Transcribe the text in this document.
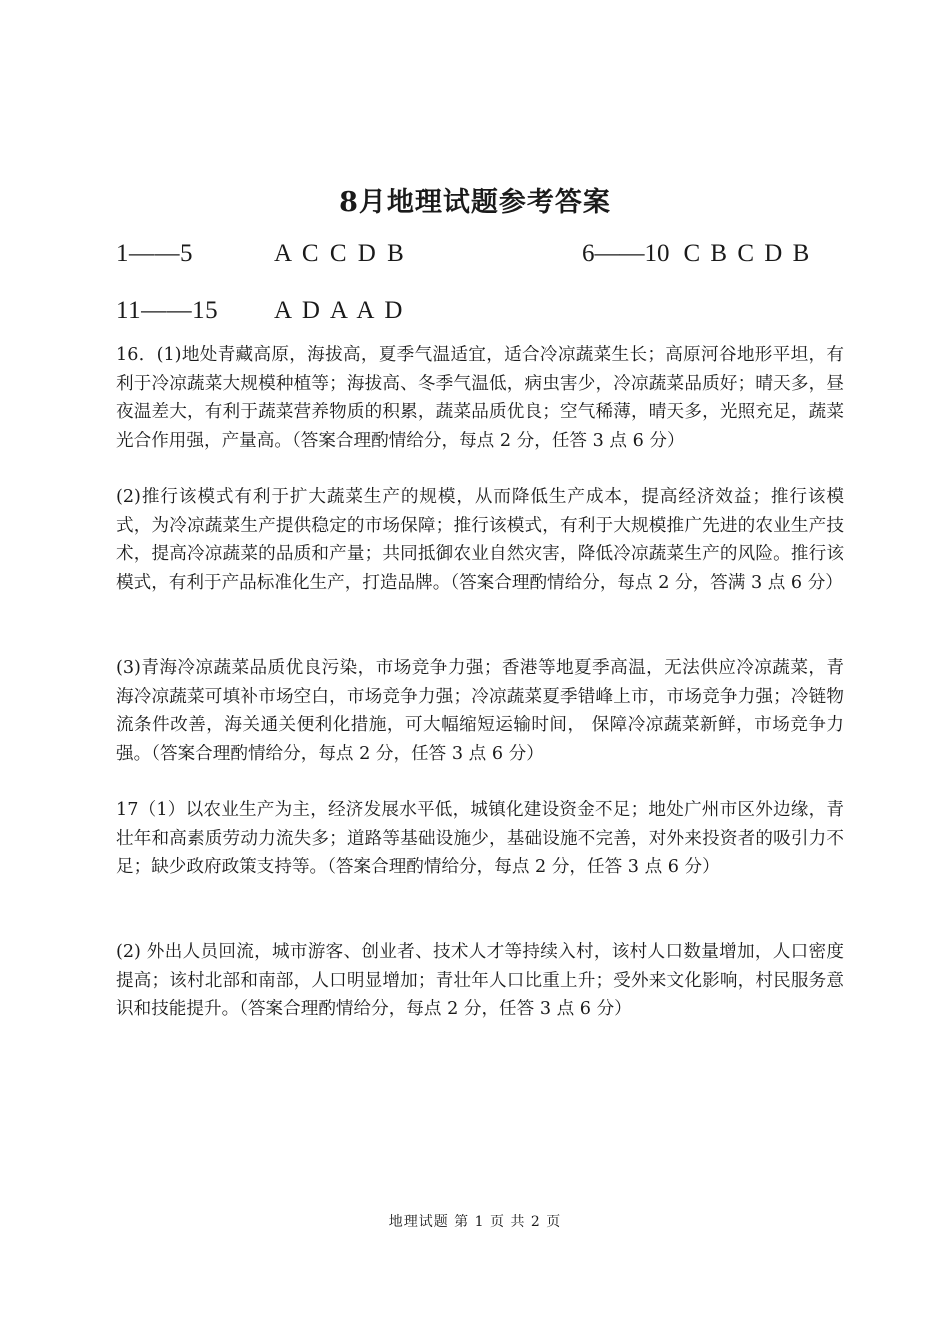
8月地理试题参考答案
1——5	A C C D B	6——10 C B C D B
11——15 A D A A D

16．(1)地处青藏高原，海拔高，夏季气温适宜，适合冷凉蔬菜生长；高原河谷地形平坦，有利于冷凉蔬菜大规模种植等；海拔高、冬季气温低，病虫害少，冷凉蔬菜品质好；晴天多，昼夜温差大，有利于蔬菜营养物质的积累，蔬菜品质优良；空气稀薄，晴天多，光照充足，蔬菜光合作用强，产量高。（答案合理酌情给分，每点 2 分，任答 3 点 6 分）

(2)推行该模式有利于扩大蔬菜生产的规模，从而降低生产成本，提高经济效益；推行该模式，为冷凉蔬菜生产提供稳定的市场保障；推行该模式，有利于大规模推广先进的农业生产技术，提高冷凉蔬菜的品质和产量；共同抵御农业自然灾害，降低冷凉蔬菜生产的风险。推行该模式，有利于产品标准化生产，打造品牌。（答案合理酌情给分，每点 2 分，答满 3 点 6 分）

(3)青海冷凉蔬菜品质优良污染，市场竞争力强；香港等地夏季高温，无法供应冷凉蔬菜，青海冷凉蔬菜可填补市场空白，市场竞争力强；冷凉蔬菜夏季错峰上市，市场竞争力强；冷链物流条件改善，海关通关便利化措施，可大幅缩短运输时间， 保障冷凉蔬菜新鲜，市场竞争力强。（答案合理酌情给分，每点 2 分，任答 3 点 6 分）

17（1）以农业生产为主，经济发展水平低，城镇化建设资金不足；地处广州市区外边缘，青壮年和高素质劳动力流失多；道路等基础设施少，基础设施不完善，对外来投资者的吸引力不足；缺少政府政策支持等。（答案合理酌情给分，每点 2 分，任答 3 点 6 分）

(2) 外出人员回流，城市游客、创业者、技术人才等持续入村，该村人口数量增加，人口密度提高；该村北部和南部，人口明显增加；青壮年人口比重上升；受外来文化影响，村民服务意识和技能提升。（答案合理酌情给分，每点 2 分，任答 3 点 6 分）

地理试题 第 1 页 共 2 页
